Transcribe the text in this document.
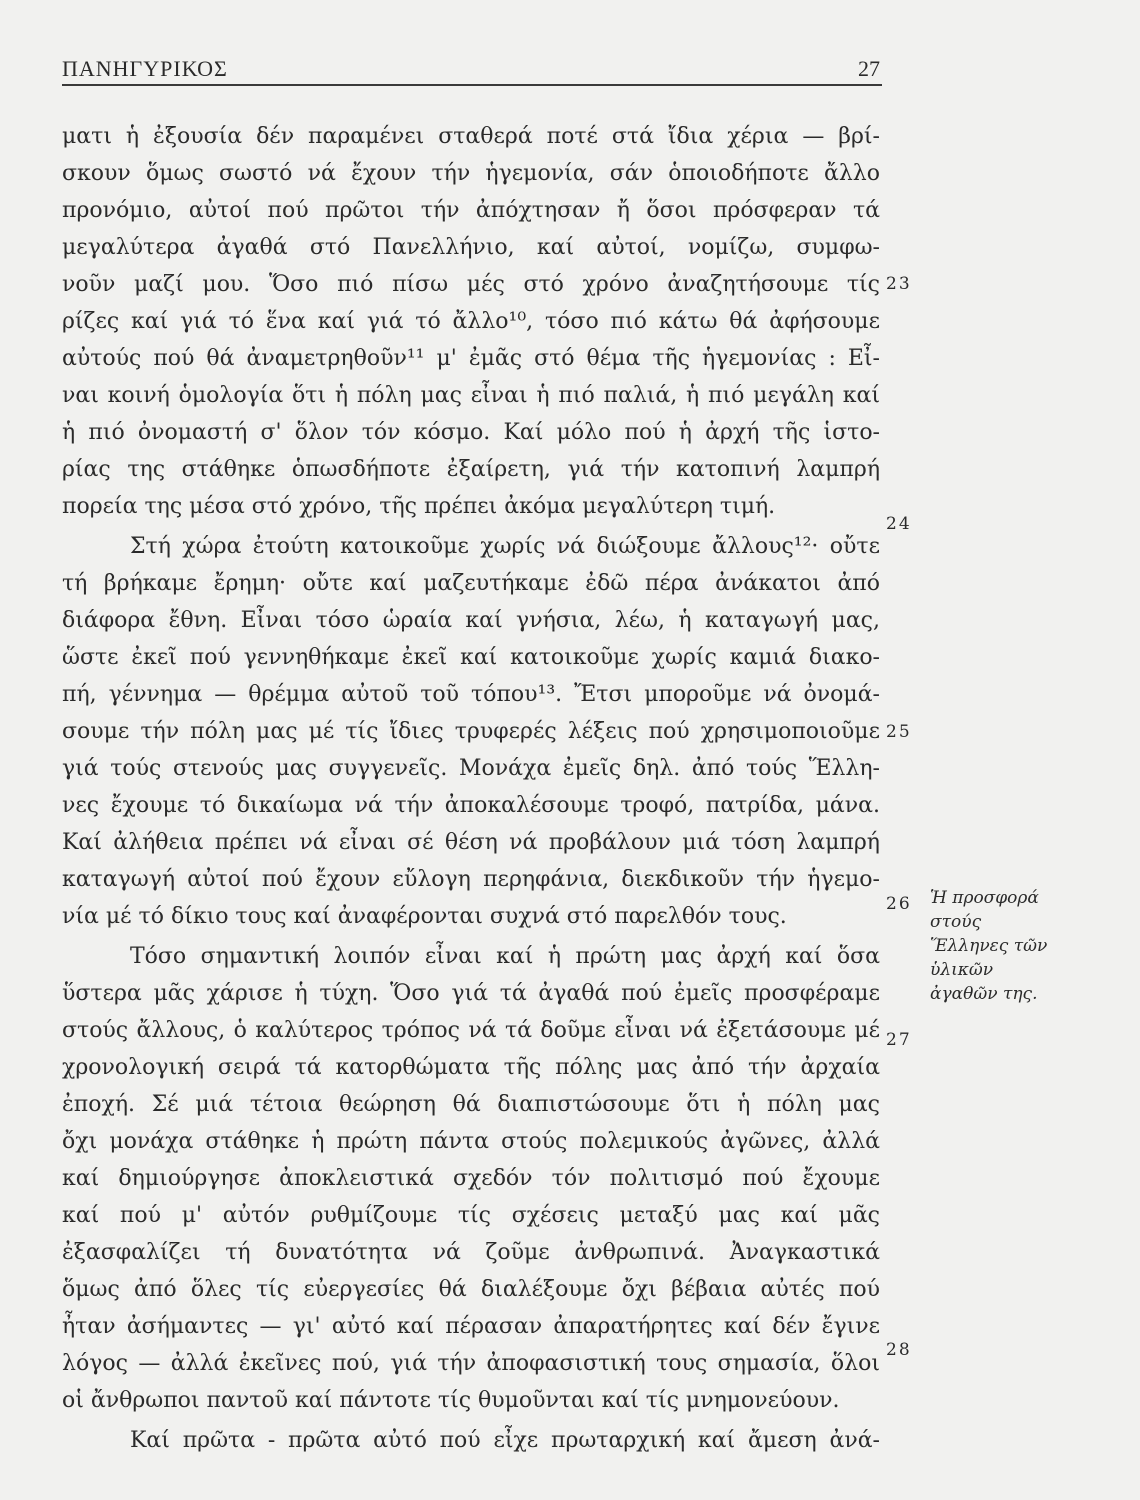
ΠΑΝΗΓΥΡΙΚΟΣ	27
ματι ἡ ἐξουσία δέν παραμένει σταθερά ποτέ στά ἴδια χέρια — βρί-
σκουν ὅμως σωστό νά ἔχουν τήν ἡγεμονία, σάν ὁποιοδήποτε ἄλλο
προνόμιο, αὐτοί πού πρῶτοι τήν ἀπόχτησαν ἤ ὅσοι πρόσφεραν τά
μεγαλύτερα ἀγαθά στό Πανελλήνιο, καί αὐτοί, νομίζω, συμφω-
νοῦν μαζί μου. Ὅσο πιό πίσω μές στό χρόνο ἀναζητήσουμε τίς
ρίζες καί γιά τό ἕνα καί γιά τό ἄλλο¹⁰, τόσο πιό κάτω θά ἀφήσουμε
αὐτούς πού θά ἀναμετρηθοῦν¹¹ μ' ἐμᾶς στό θέμα τῆς ἡγεμονίας : Εἶ-
ναι κοινή ὁμολογία ὅτι ἡ πόλη μας εἶναι ἡ πιό παλιά, ἡ πιό μεγάλη καί
ἡ πιό ὀνομαστή σ' ὅλον τόν κόσμο. Καί μόλο πού ἡ ἀρχή τῆς ἱστο-
ρίας της στάθηκε ὁπωσδήποτε ἐξαίρετη, γιά τήν κατοπινή λαμπρή
πορεία της μέσα στό χρόνο, τῆς πρέπει ἀκόμα μεγαλύτερη τιμή.
Στή χώρα ἐτούτη κατοικοῦμε χωρίς νά διώξουμε ἄλλους¹²· οὔτε
τή βρήκαμε ἔρημη· οὔτε καί μαζευτήκαμε ἐδῶ πέρα ἀνάκατοι ἀπό
διάφορα ἔθνη. Εἶναι τόσο ὡραία καί γνήσια, λέω, ἡ καταγωγή μας,
ὥστε ἐκεῖ πού γεννηθήκαμε ἐκεῖ καί κατοικοῦμε χωρίς καμιά διακο-
πή, γέννημα — θρέμμα αὐτοῦ τοῦ τόπου¹³. Ἔτσι μποροῦμε νά ὀνομά-
σουμε τήν πόλη μας μέ τίς ἴδιες τρυφερές λέξεις πού χρησιμοποιοῦμε
γιά τούς στενούς μας συγγενεῖς. Μονάχα ἐμεῖς δηλ. ἀπό τούς Ἕλλη-
νες ἔχουμε τό δικαίωμα νά τήν ἀποκαλέσουμε τροφό, πατρίδα, μάνα.
Καί ἀλήθεια πρέπει νά εἶναι σέ θέση νά προβάλουν μιά τόση λαμπρή
καταγωγή αὐτοί πού ἔχουν εὔλογη περηφάνια, διεκδικοῦν τήν ἡγεμο-
νία μέ τό δίκιο τους καί ἀναφέρονται συχνά στό παρελθόν τους.
Τόσο σημαντική λοιπόν εἶναι καί ἡ πρώτη μας ἀρχή καί ὅσα
ὕστερα μᾶς χάρισε ἡ τύχη. Ὅσο γιά τά ἀγαθά πού ἐμεῖς προσφέραμε
στούς ἄλλους, ὁ καλύτερος τρόπος νά τά δοῦμε εἶναι νά ἐξετάσουμε μέ
χρονολογική σειρά τά κατορθώματα τῆς πόλης μας ἀπό τήν ἀρχαία
ἐποχή. Σέ μιά τέτοια θεώρηση θά διαπιστώσουμε ὅτι ἡ πόλη μας
ὄχι μονάχα στάθηκε ἡ πρώτη πάντα στούς πολεμικούς ἀγῶνες, ἀλλά
καί δημιούργησε ἀποκλειστικά σχεδόν τόν πολιτισμό πού ἔχουμε
καί πού μ' αὐτόν ρυθμίζουμε τίς σχέσεις μεταξύ μας καί μᾶς
ἐξασφαλίζει τή δυνατότητα νά ζοῦμε ἀνθρωπινά. Ἀναγκαστικά
ὅμως ἀπό ὅλες τίς εὐεργεσίες θά διαλέξουμε ὄχι βέβαια αὐτές πού
ἦταν ἀσήμαντες — γι' αὐτό καί πέρασαν ἀπαρατήρητες καί δέν ἔγινε
λόγος — ἀλλά ἐκεῖνες πού, γιά τήν ἀποφασιστική τους σημασία, ὅλοι
οἱ ἄνθρωποι παντοῦ καί πάντοτε τίς θυμοῦνται καί τίς μνημονεύουν.
Καί πρῶτα - πρῶτα αὐτό πού εἶχε πρωταρχική καί ἄμεση ἀνά-
23
24
25
26
27
28
Ἡ προσφορά
στούς
Ἕλληνες τῶν
ὑλικῶν
ἀγαθῶν της.
